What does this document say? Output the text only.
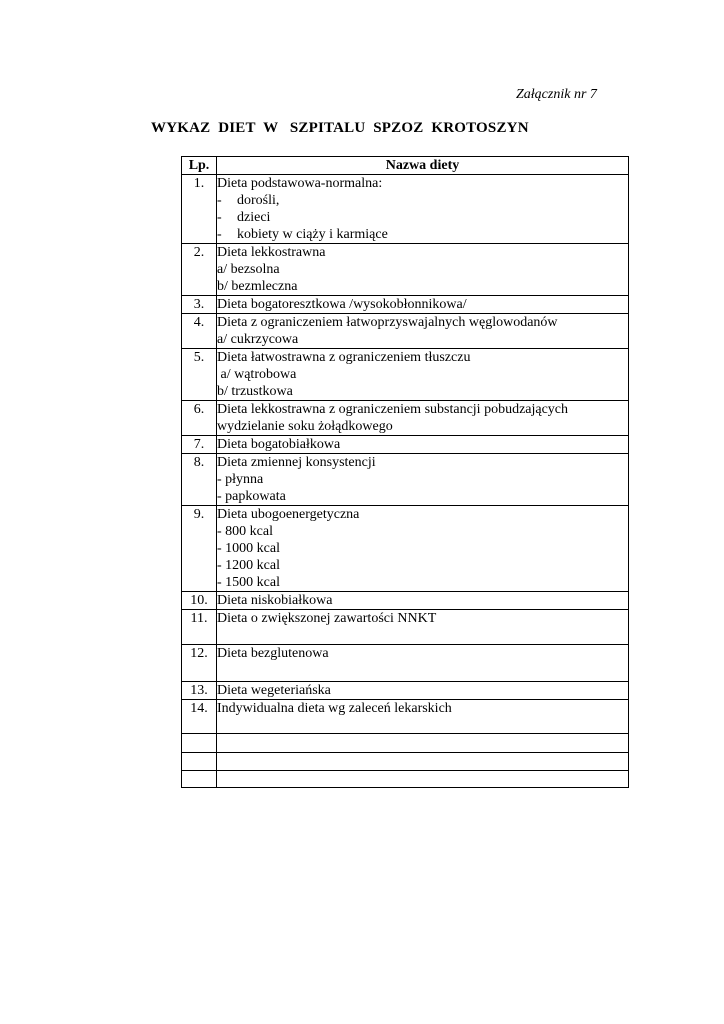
Załącznik nr 7
WYKAZ  DIET  W   SZPITALU  SPZOZ  KROTOSZYN
Lp.	Nazwa diety
1.	Dieta podstawowa-normalna:
- dorośli,
- dzieci
- kobiety w ciąży i karmiące

2.	Dieta lekkostrawna
a/ bezsolna
b/ bezmleczna

3.	Dieta bogatoresztkowa /wysokobłonnikowa/

4.	Dieta z ograniczeniem łatwoprzyswajalnych węglowodanów
a/ cukrzycowa

5.	Dieta łatwostrawna z ograniczeniem tłuszczu
a/ wątrobowa
b/ trzustkowa

6.	Dieta lekkostrawna z ograniczeniem substancji pobudzających
wydzielanie soku żołądkowego

7.	Dieta bogatobiałkowa

8.	Dieta zmiennej konsystencji
- płynna
- papkowata

9.	Dieta ubogoenergetyczna
- 800 kcal
- 1000 kcal
- 1200 kcal
- 1500 kcal

10.	Dieta niskobiałkowa

11.	Dieta o zwiększonej zawartości NNKT

12.	Dieta bezglutenowa

13.	Dieta wegeteriańska

14.	Indywidualna dieta wg zaleceń lekarskich
